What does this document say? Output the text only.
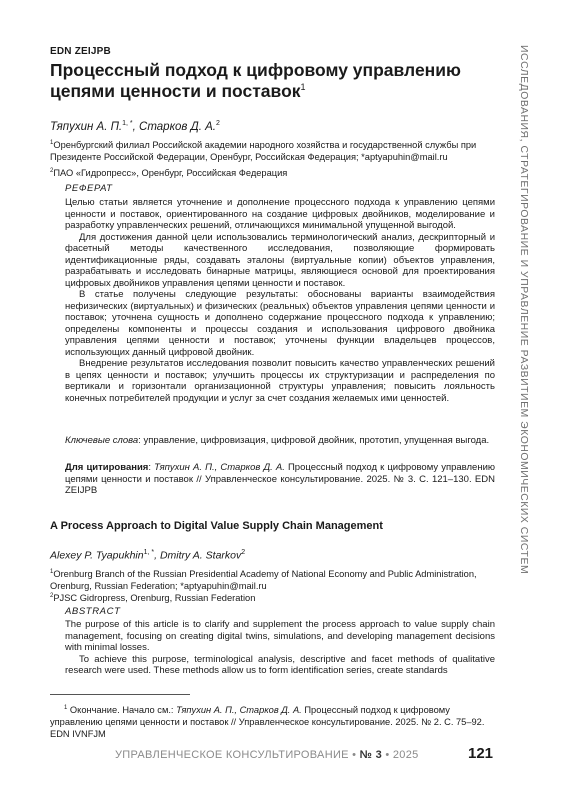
EDN ZEIJPB
Процессный подход к цифровому управлению цепями ценности и поставок$^1$
Тяпухин А. П.$^{1, *}$, Старков Д. А.$^2$
$^1$Оренбургский филиал Российской академии народного хозяйства и государственной службы при Президенте Российской Федерации, Оренбург, Российская Федерация; *aptyapuhin@mail.ru
$^2$ПАО «Гидропресс», Оренбург, Российская Федерация
РЕФЕРАТ

Целью статьи является уточнение и дополнение процессного подхода к управлению цепями ценности и поставок, ориентированного на создание цифровых двойников, моделирование и разработку управленческих решений, отличающихся минимальной упущенной выгодой.

Для достижения данной цели использовались терминологический анализ, дескрипторный и фасетный методы качественного исследования, позволяющие формировать идентификационные ряды, создавать эталоны (виртуальные копии) объектов управления, разрабатывать и исследовать бинарные матрицы, являющиеся основой для проектирования цифровых двойников управления цепями ценности и поставок.

В статье получены следующие результаты: обоснованы варианты взаимодействия нефизических (виртуальных) и физических (реальных) объектов управления цепями ценности и поставок; уточнена сущность и дополнено содержание процессного подхода к управлению; определены компоненты и процессы создания и использования цифрового двойника управления цепями ценности и поставок; уточнены функции владельцев процессов, использующих данный цифровой двойник.

Внедрение результатов исследования позволит повысить качество управленческих решений в цепях ценности и поставок; улучшить процессы их структуризации и распределения по вертикали и горизонтали организационной структуры управления; повысить лояльность конечных потребителей продукции и услуг за счет создания желаемых ими ценностей.

Ключевые слова: управление, цифровизация, цифровой двойник, прототип, упущенная выгода.
Для цитирования: Тяпухин А. П., Старков Д. А. Процессный подход к цифровому управлению цепями ценности и поставок // Управленческое консультирование. 2025. № 3. С. 121–130. EDN ZEIJPB
A Process Approach to Digital Value Supply Chain Management
Alexey P. Tyapukhin$^{1, *}$, Dmitry A. Starkov$^2$
$^1$Orenburg Branch of the Russian Presidential Academy of National Economy and Public Administration, Orenburg, Russian Federation; *aptyapuhin@mail.ru
$^2$PJSC Gidropress, Orenburg, Russian Federation
ABSTRACT

The purpose of this article is to clarify and supplement the process approach to value supply chain management, focusing on creating digital twins, simulations, and developing management decisions with minimal losses.

To achieve this purpose, terminological analysis, descriptive and facet methods of qualitative research were used. These methods allow us to form identification series, create standards

$^1$ Окончание. Начало см.: Тяпухин А. П., Старков Д. А. Процессный подход к цифровому управлению цепями ценности и поставок // Управленческое консультирование. 2025. № 2. С. 75–92. EDN IVNFJM
УПРАВЛЕНЧЕСКОЕ КОНСУЛЬТИРОВАНИЕ • № 3 • 2025	121
ИССЛЕДОВАНИЯ, СТРАТЕГИРОВАНИЕ И УПРАВЛЕНИЕ РАЗВИТИЕМ ЭКОНОМИЧЕСКИХ СИСТЕМ
